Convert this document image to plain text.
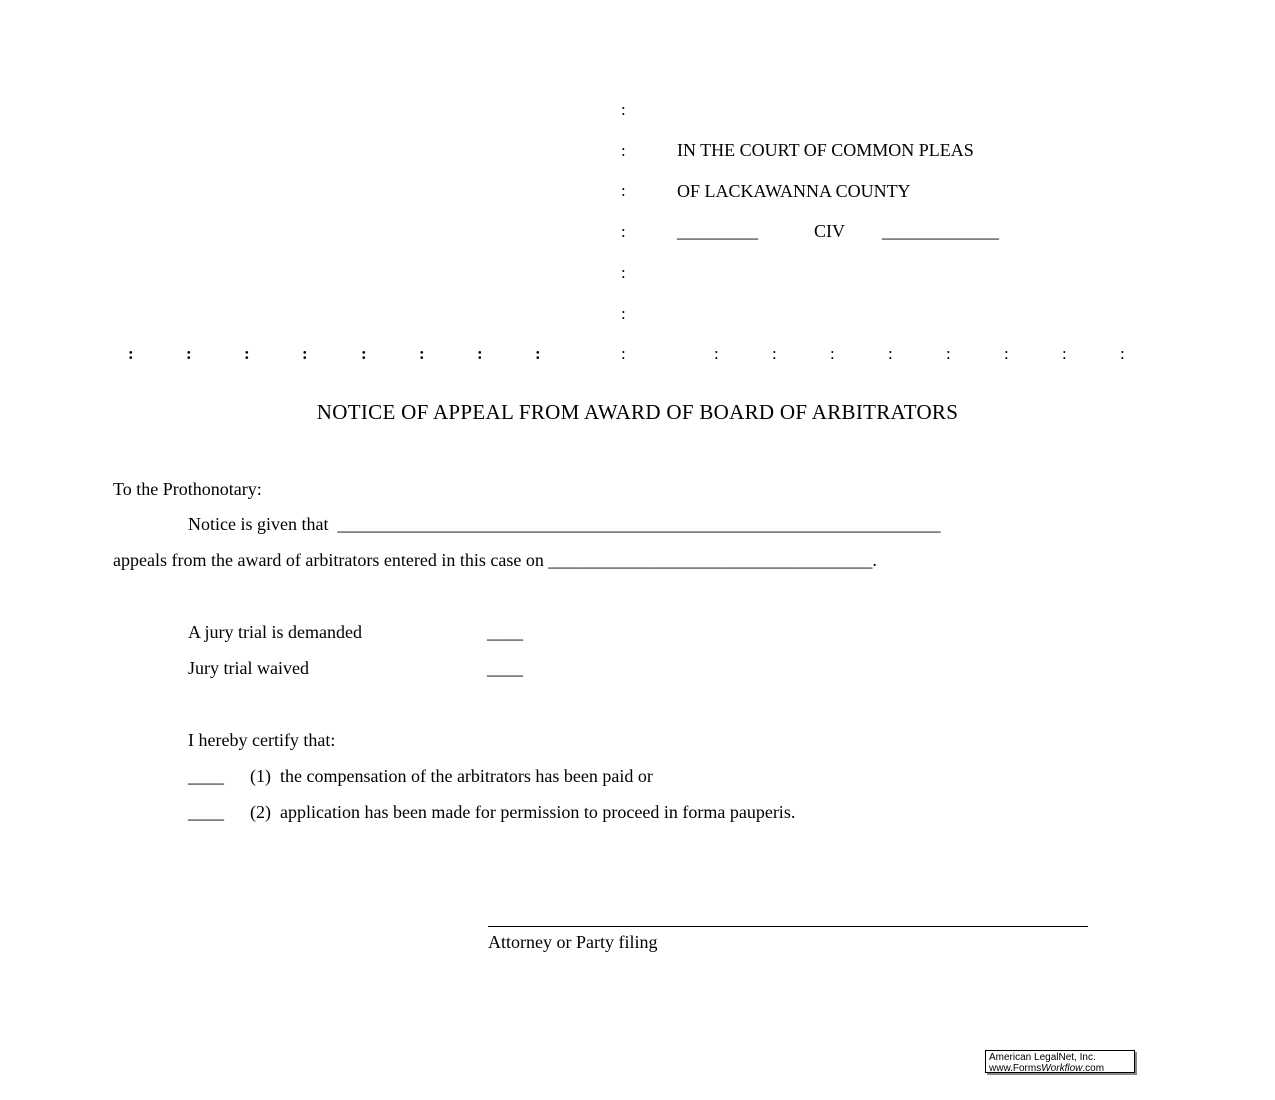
:
:
:
:
:
:
:
:	:	:	:	:	:	:	:	:	:	:	:	:	:	:	:
IN THE COURT OF COMMON PLEAS
OF LACKAWANNA COUNTY
_________	CIV _____________
NOTICE OF APPEAL FROM AWARD OF BOARD OF ARBITRATORS
To the Prothonotary:
Notice is given that  ___________________________________________________________________
appeals from the award of arbitrators entered in this case on ____________________________________.
A jury trial is demanded	____
Jury trial waived	____
I hereby certify that:
____ (1)  the compensation of the arbitrators has been paid or
____ (2)  application has been made for permission to proceed in forma pauperis.
Attorney or Party filing
American LegalNet, Inc.
www.FormsWorkflow.com
